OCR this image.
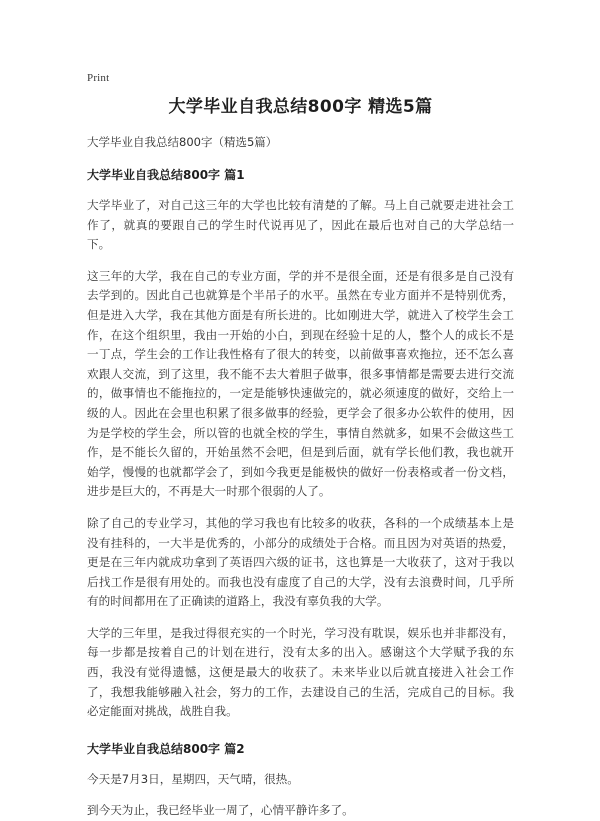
Print
大学毕业自我总结800字 精选5篇

大学毕业自我总结800字（精选5篇）

大学毕业自我总结800字 篇1

大学毕业了，对自己这三年的大学也比较有清楚的了解。马上自己就要走进社会工作了，就真的要跟自己的学生时代说再见了，因此在最后也对自己的大学总结一下。

这三年的大学，我在自己的专业方面，学的并不是很全面，还是有很多是自己没有去学到的。因此自己也就算是个半吊子的水平。虽然在专业方面并不是特别优秀，但是进入大学，我在其他方面是有所长进的。比如刚进大学，就进入了校学生会工作，在这个组织里，我由一开始的小白，到现在经验十足的人，整个人的成长不是一丁点，学生会的工作让我性格有了很大的转变，以前做事喜欢拖拉，还不怎么喜欢跟人交流，到了这里，我不能不去大着胆子做事，很多事情都是需要去进行交流的，做事情也不能拖拉的，一定是能够快速做完的，就必须速度的做好，交给上一级的人。因此在会里也积累了很多做事的经验，更学会了很多办公软件的使用，因为是学校的学生会，所以管的也就全校的学生，事情自然就多，如果不会做这些工作，是不能长久留的，开始虽然不会吧，但是到后面，就有学长他们教，我也就开始学，慢慢的也就都学会了，到如今我更是能极快的做好一份表格或者一份文档，进步是巨大的，不再是大一时那个很弱的人了。

除了自己的专业学习，其他的学习我也有比较多的收获，各科的一个成绩基本上是没有挂科的，一大半是优秀的，小部分的成绩处于合格。而且因为对英语的热爱，更是在三年内就成功拿到了英语四六级的证书，这也算是一大收获了，这对于我以后找工作是很有用处的。而我也没有虚度了自己的大学，没有去浪费时间，几乎所有的时间都用在了正确读的道路上，我没有辜负我的大学。

大学的三年里，是我过得很充实的一个时光，学习没有耽误，娱乐也并非都没有，每一步都是按着自己的计划在进行，没有太多的出入。感谢这个大学赋予我的东西，我没有觉得遗憾，这便是最大的收获了。未来毕业以后就直接进入社会工作了，我想我能够融入社会，努力的工作，去建设自己的生活，完成自己的目标。我必定能面对挑战，战胜自我。

大学毕业自我总结800字 篇2

今天是7月3日，星期四，天气晴，很热。

到今天为止，我已经毕业一周了，心情平静许多了。
